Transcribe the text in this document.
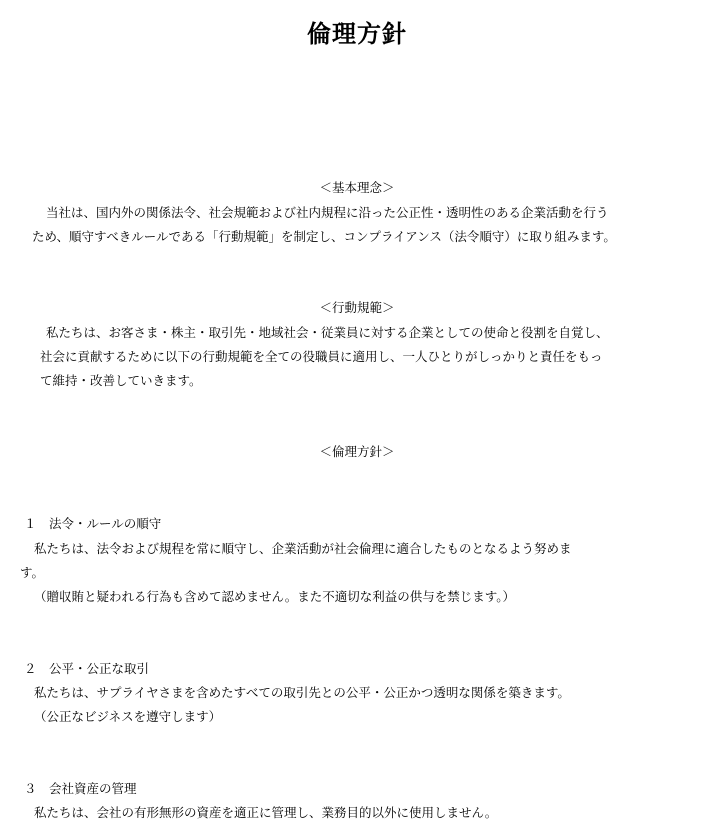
倫理方針
＜基本理念＞
当社は、国内外の関係法令、社会規範および社内規程に沿った公正性・透明性のある企業活動を行う
ため、順守すべきルールである「行動規範」を制定し、コンプライアンス（法令順守）に取り組みます。
＜行動規範＞
私たちは、お客さま・株主・取引先・地域社会・従業員に対する企業としての使命と役割を自覚し、
社会に貢献するために以下の行動規範を全ての役職員に適用し、一人ひとりがしっかりと責任をもっ
て維持・改善していきます。
＜倫理方針＞
１　法令・ルールの順守
私たちは、法令および規程を常に順守し、企業活動が社会倫理に適合したものとなるよう努めま
す。
（贈収賄と疑われる行為も含めて認めません。また不適切な利益の供与を禁じます。）
２　公平・公正な取引
私たちは、サプライヤさまを含めたすべての取引先との公平・公正かつ透明な関係を築きます。
（公正なビジネスを遵守します）
３　会社資産の管理
私たちは、会社の有形無形の資産を適正に管理し、業務目的以外に使用しません。
